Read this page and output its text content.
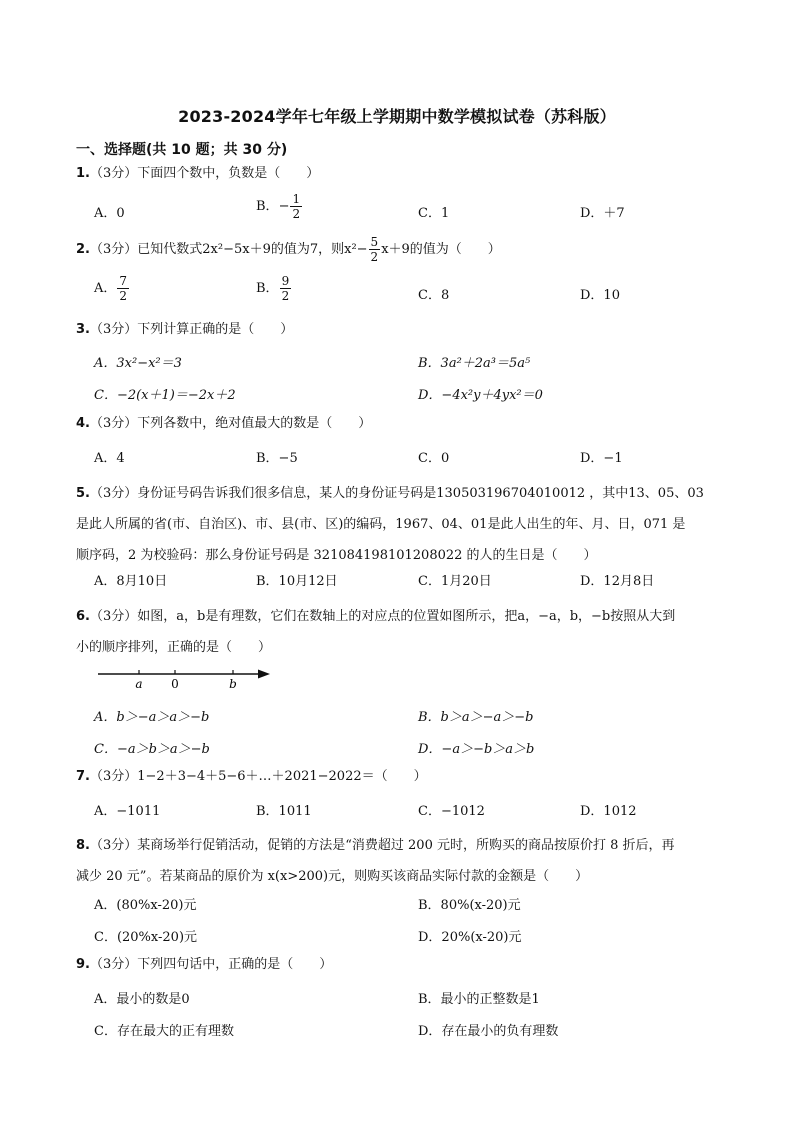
2023-2024学年七年级上学期期中数学模拟试卷（苏科版）
一、选择题(共 10 题；共 30 分)
1.（3分）下面四个数中，负数是（　　）
A．0	B．− $\frac{1}{2}$	C．1	D．＋7
2.（3分）已知代数式2x²−5x＋9的值为7，则$x^2- \frac{5}{2} x+9$的值为（　　）
A． $\frac{7}{2}$	B． $\frac{9}{2}$	C．8	D．10
3.（3分）下列计算正确的是（　　）
A．3x²−x²＝3	B．3a²＋2a³＝5a⁵
C．−2(x＋1)＝−2x＋2	D．−4x²y＋4yx²＝0
4.（3分）下列各数中，绝对值最大的数是（　　）
A．4	B．−5	C．0	D．−1
5.（3分）身份证号码告诉我们很多信息，某人的身份证号码是130503196704010012 ，其中13、05、03
是此人所属的省(市、自治区)、市、县(市、区)的编码，1967、04、01是此人出生的年、月、日，071 是
顺序码，2 为校验码：那么身份证号码是 321084198101208022 的人的生日是（　　）
A．8月10日	B．10月12日	C．1月20日	D．12月8日
6.（3分）如图，a，b是有理数，它们在数轴上的对应点的位置如图所示，把a，−a，b，−b按照从大到
小的顺序排列，正确的是（　　）
a 0	b
A．b＞−a＞a＞−b	B．b＞a＞−a＞−b
C．−a＞b＞a＞−b	D．−a＞−b＞a＞b
7.（3分）1−2＋3−4＋5−6＋…＋2021−2022＝（　　）
A．−1011	B．1011	C．−1012	D．1012
8.（3分）某商场举行促销活动，促销的方法是“消费超过 200 元时，所购买的商品按原价打 8 折后，再
减少 20 元”。若某商品的原价为 x(x>200)元，则购买该商品实际付款的金额是（　　）
A．(80%x-20)元	B．80%(x-20)元
C．(20%x-20)元	D．20%(x-20)元
9.（3分）下列四句话中，正确的是（　　）
A．最小的数是0	B．最小的正整数是1
C．存在最大的正有理数	D．存在最小的负有理数
